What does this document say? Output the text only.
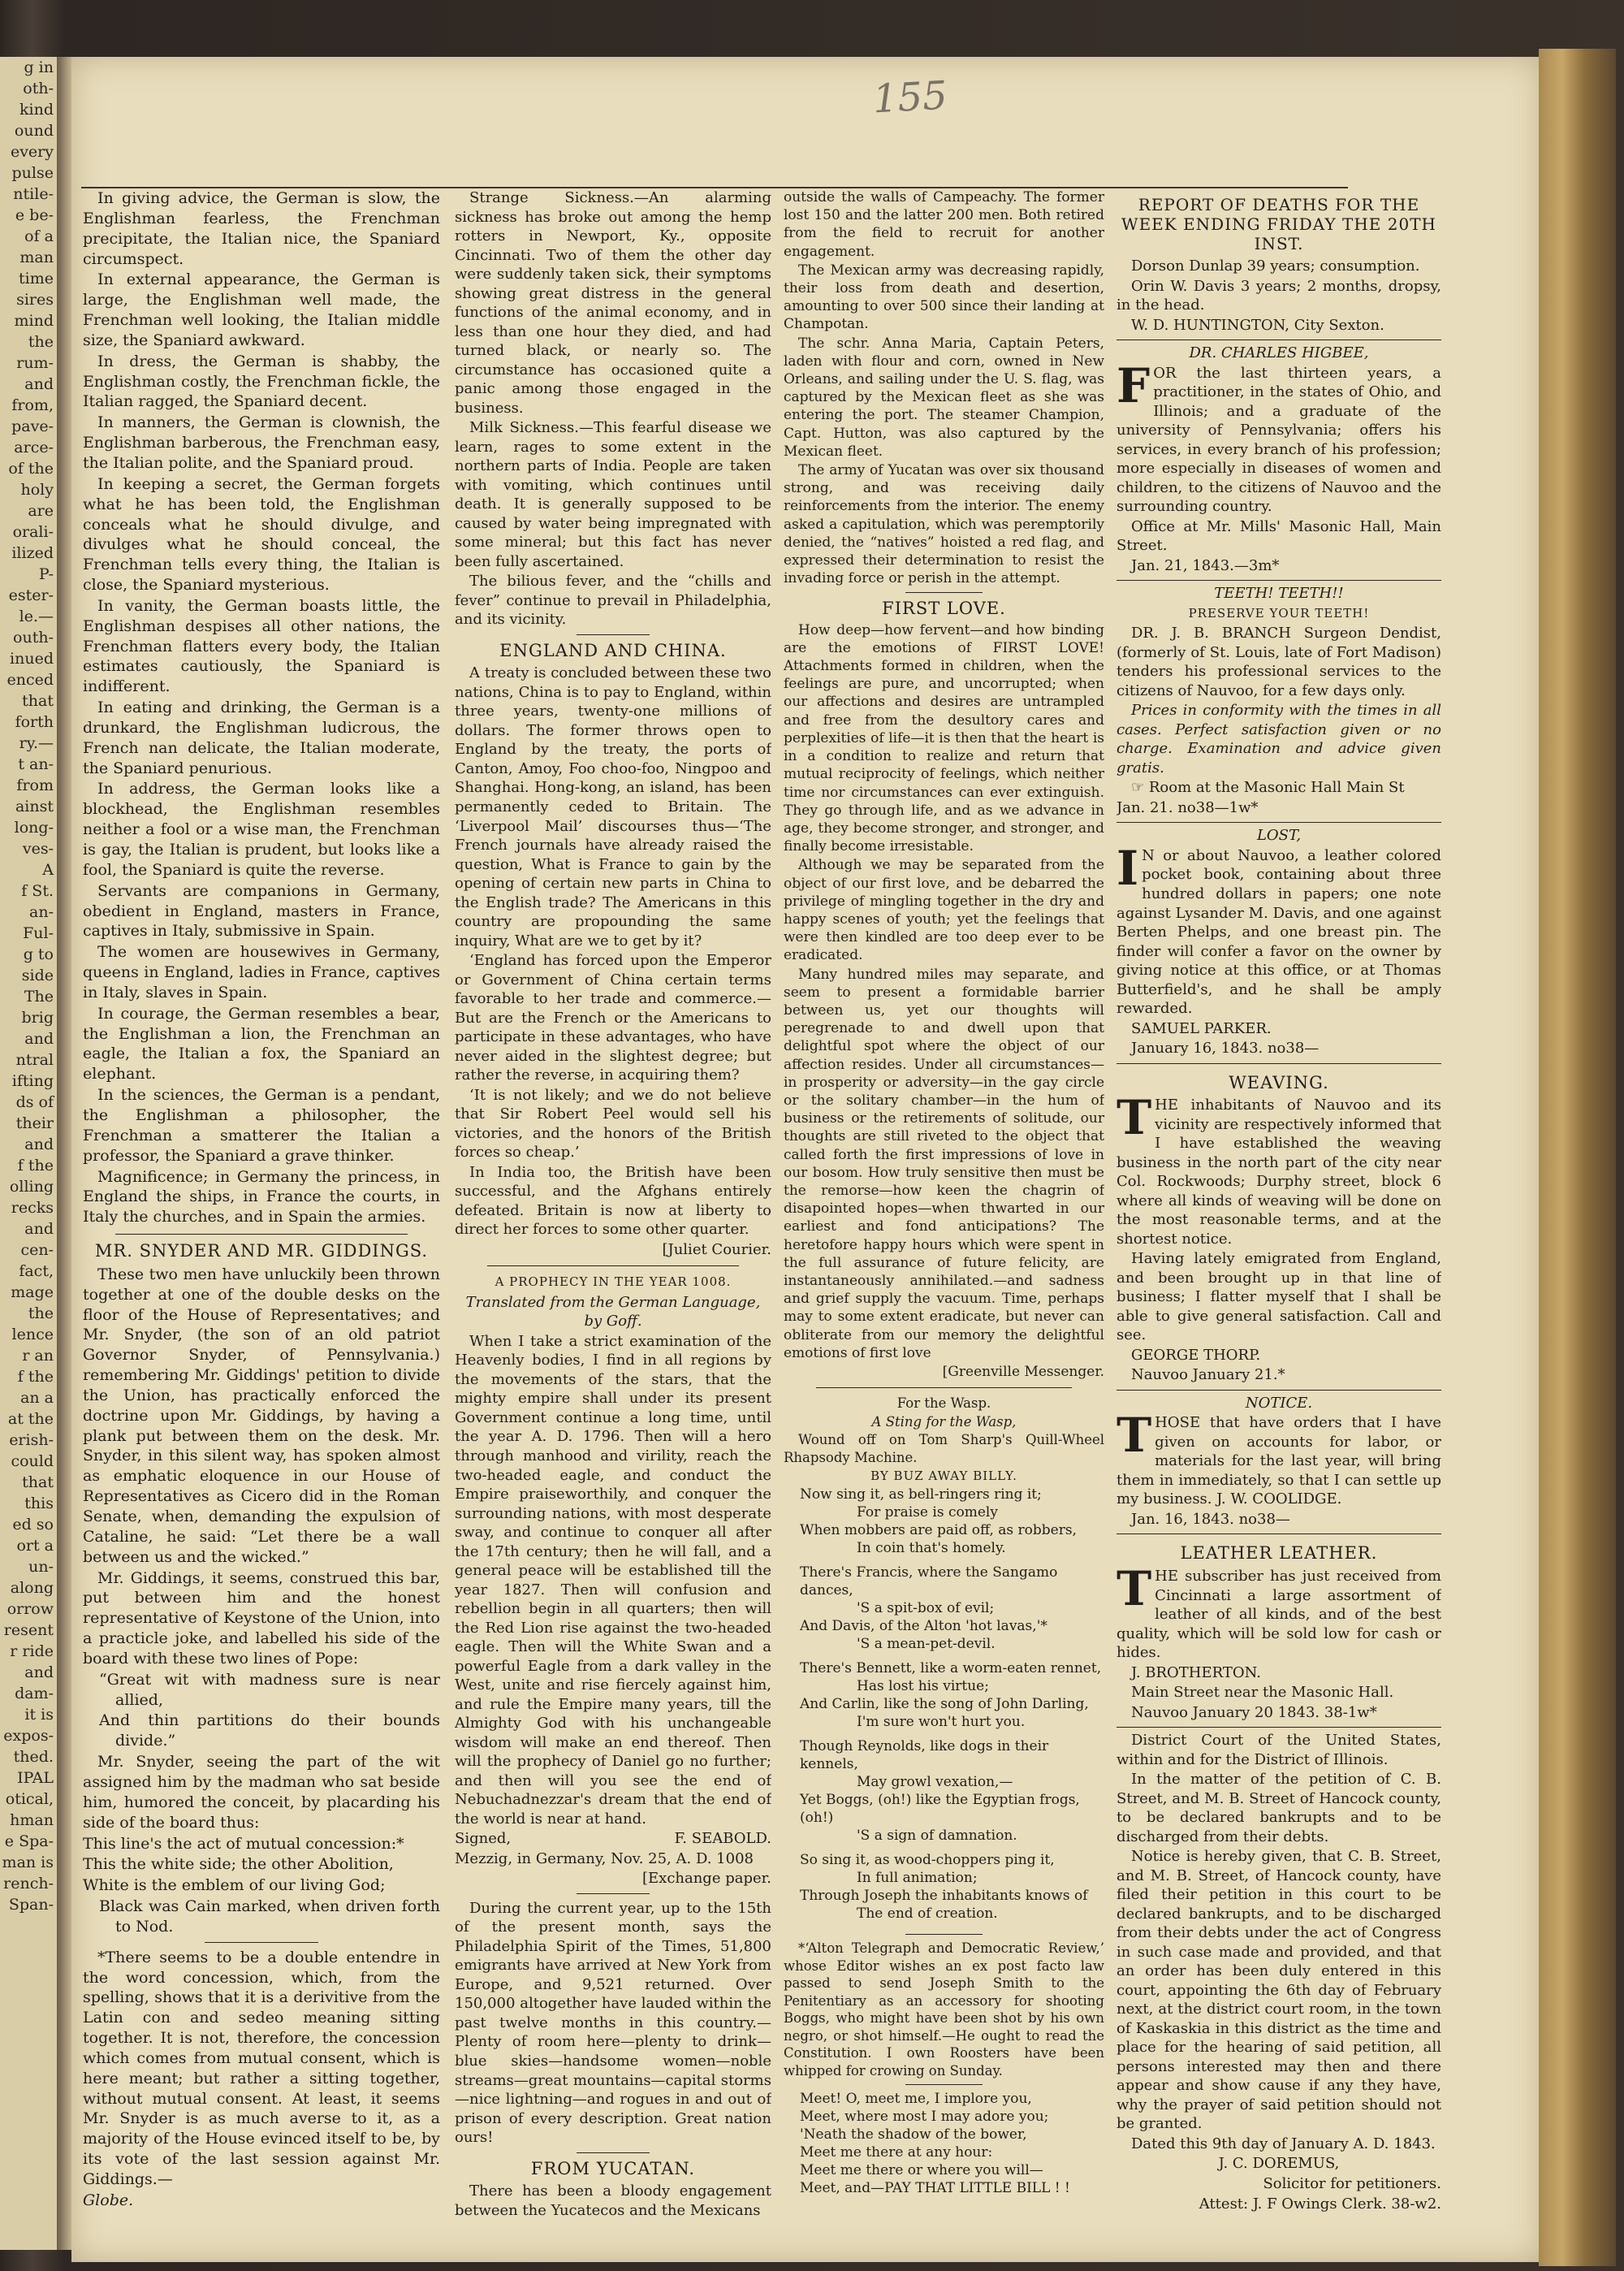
g in
oth-
kind
ound
every
pulse
ntile-
e be-
of a
man
time
sires
mind
the
rum-
and
from,
pave-
arce-
of the
holy
are
orali-
ilized
P-
ester-
le.—
outh-
inued
enced
that
forth
ry.—
t an-
from
ainst
long-
ves-
A
f St.
an-
Ful-
g to
side
The
brig
and
ntral
ifting
ds of
their
and
f the
olling
recks
and
cen-
fact,
mage
the
lence
r an
f the
an a
at the
erish-
could
that
this
ed so
ort a
un-
along
orrow
resent
r ride
and
dam-
it is
expos-
thed.
IPAL
otical,
hman
e Spa-
man is
rench-
Span-
155

In giving advice, the German is slow, the Englishman fearless, the Frenchman precipitate, the Italian nice, the Spaniard circumspect.

In external appearance, the German is large, the Englishman well made, the Frenchman well looking, the Italian middle size, the Spaniard awkward.

In dress, the German is shabby, the Englishman costly, the Frenchman fickle, the Italian ragged, the Spaniard decent.

In manners, the German is clownish, the Englishman barberous, the Frenchman easy, the Italian polite, and the Spaniard proud.

In keeping a secret, the German forgets what he has been told, the Englishman conceals what he should divulge, and divulges what he should conceal, the Frenchman tells every thing, the Italian is close, the Spaniard mysterious.

In vanity, the German boasts little, the Englishman despises all other nations, the Frenchman flatters every body, the Italian estimates cautiously, the Spaniard is indifferent.

In eating and drinking, the German is a drunkard, the Englishman ludicrous, the French nan delicate, the Italian moderate, the Spaniard penurious.

In address, the German looks like a blockhead, the Englishman resembles neither a fool or a wise man, the Frenchman is gay, the Italian is prudent, but looks like a fool, the Spaniard is quite the reverse.

Servants are companions in Germany, obedient in England, masters in France, captives in Italy, submissive in Spain.

The women are housewives in Germany, queens in England, ladies in France, captives in Italy, slaves in Spain.

In courage, the German resembles a bear, the Englishman a lion, the Frenchman an eagle, the Italian a fox, the Spaniard an elephant.

In the sciences, the German is a pendant, the Englishman a philosopher, the Frenchman a smatterer the Italian a professor, the Spaniard a grave thinker.

Magnificence; in Germany the princess, in England the ships, in France the courts, in Italy the churches, and in Spain the armies.

MR. SNYDER AND MR. GIDDINGS.

These two men have unluckily been thrown together at one of the double desks on the floor of the House of Representatives; and Mr. Snyder, (the son of an old patriot Governor Snyder, of Pennsylvania.) remembering Mr. Giddings' petition to divide the Union, has practically enforced the doctrine upon Mr. Giddings, by having a plank put between them on the desk. Mr. Snyder, in this silent way, has spoken almost as emphatic eloquence in our House of Representatives as Cicero did in the Roman Senate, when, demanding the expulsion of Cataline, he said: “Let there be a wall between us and the wicked.”

Mr. Giddings, it seems, construed this bar, put between him and the honest representative of Keystone of the Union, into a practicle joke, and labelled his side of the board with these two lines of Pope:

“Great wit with madness sure is near allied,

And thin partitions do their bounds divide.”

Mr. Snyder, seeing the part of the wit assigned him by the madman who sat beside him, humored the conceit, by placarding his side of the board thus:

This line's the act of mutual concession:*

This the white side; the other Abolition,

White is the emblem of our living God;

Black was Cain marked, when driven forth to Nod.

*There seems to be a double entendre in the word concession, which, from the spelling, shows that it is a derivitive from the Latin con and sedeo meaning sitting together. It is not, therefore, the concession which comes from mutual consent, which is here meant; but rather a sitting together, without mutual consent. At least, it seems Mr. Snyder is as much averse to it, as a majority of the House evinced itself to be, by its vote of the last session against Mr. Giddings.—

Globe.

Strange Sickness.—An alarming sickness has broke out among the hemp rotters in Newport, Ky., opposite Cincinnati. Two of them the other day were suddenly taken sick, their symptoms showing great distress in the general functions of the animal economy, and in less than one hour they died, and had turned black, or nearly so. The circumstance has occasioned quite a panic among those engaged in the business.

Milk Sickness.—This fearful disease we learn, rages to some extent in the northern parts of India. People are taken with vomiting, which continues until death. It is generally supposed to be caused by water being impregnated with some mineral; but this fact has never been fully ascertained.

The bilious fever, and the “chills and fever” continue to prevail in Philadelphia, and its vicinity.

ENGLAND AND CHINA.

A treaty is concluded between these two nations, China is to pay to England, within three years, twenty-one millions of dollars. The former throws open to England by the treaty, the ports of Canton, Amoy, Foo choo-foo, Ningpoo and Shanghai. Hong-kong, an island, has been permanently ceded to Britain. The ‘Liverpool Mail’ discourses thus—‘The French journals have already raised the question, What is France to gain by the opening of certain new parts in China to the English trade? The Americans in this country are propounding the same inquiry, What are we to get by it?

‘England has forced upon the Emperor or Government of China certain terms favorable to her trade and commerce.—But are the French or the Americans to participate in these advantages, who have never aided in the slightest degree; but rather the reverse, in acquiring them?

‘It is not likely; and we do not believe that Sir Robert Peel would sell his victories, and the honors of the British forces so cheap.’

In India too, the British have been successful, and the Afghans entirely defeated. Britain is now at liberty to direct her forces to some other quarter.

[Juliet Courier.

A PROPHECY IN THE YEAR 1008.

Translated from the German Language, by Goff.

When I take a strict examination of the Heavenly bodies, I find in all regions by the movements of the stars, that the mighty empire shall under its present Government continue a long time, until the year A. D. 1796. Then will a hero through manhood and virility, reach the two-headed eagle, and conduct the Empire praiseworthily, and conquer the surrounding nations, with most desperate sway, and continue to conquer all after the 17th century; then he will fall, and a general peace will be established till the year 1827. Then will confusion and rebellion begin in all quarters; then will the Red Lion rise against the two-headed eagle. Then will the White Swan and a powerful Eagle from a dark valley in the West, unite and rise fiercely against him, and rule the Empire many years, till the Almighty God with his unchangeable wisdom will make an end thereof. Then will the prophecy of Daniel go no further; and then will you see the end of Nebuchadnezzar's dream that the end of the world is near at hand.

Signed,	F. SEABOLD.

Mezzig, in Germany, Nov. 25, A. D. 1008

[Exchange paper.

During the current year, up to the 15th of the present month, says the Philadelphia Spirit of the Times, 51,800 emigrants have arrived at New York from Europe, and 9,521 returned. Over 150,000 altogether have lauded within the past twelve months in this country.—Plenty of room here—plenty to drink—blue skies—handsome women—noble streams—great mountains—capital storms—nice lightning—and rogues in and out of prison of every description. Great nation ours!

FROM YUCATAN.

There has been a bloody engagement between the Yucatecos and the Mexicans

outside the walls of Campeachy. The former lost 150 and the latter 200 men. Both retired from the field to recruit for another engagement.

The Mexican army was decreasing rapidly, their loss from death and desertion, amounting to over 500 since their landing at Champotan.

The schr. Anna Maria, Captain Peters, laden with flour and corn, owned in New Orleans, and sailing under the U. S. flag, was captured by the Mexican fleet as she was entering the port. The steamer Champion, Capt. Hutton, was also captured by the Mexican fleet.

The army of Yucatan was over six thousand strong, and was receiving daily reinforcements from the interior. The enemy asked a capitulation, which was peremptorily denied, the “natives” hoisted a red flag, and expressed their determination to resist the invading force or perish in the attempt.

FIRST LOVE.

How deep—how fervent—and how binding are the emotions of FIRST LOVE! Attachments formed in children, when the feelings are pure, and uncorrupted; when our affections and desires are untrampled and free from the desultory cares and perplexities of life—it is then that the heart is in a condition to realize and return that mutual reciprocity of feelings, which neither time nor circumstances can ever extinguish. They go through life, and as we advance in age, they become stronger, and stronger, and finally become irresistable.

Although we may be separated from the object of our first love, and be debarred the privilege of mingling together in the dry and happy scenes of youth; yet the feelings that were then kindled are too deep ever to be eradicated.

Many hundred miles may separate, and seem to present a formidable barrier between us, yet our thoughts will peregrenade to and dwell upon that delightful spot where the object of our affection resides. Under all circumstances—in prosperity or adversity—in the gay circle or the solitary chamber—in the hum of business or the retirements of solitude, our thoughts are still riveted to the object that called forth the first impressions of love in our bosom. How truly sensitive then must be the remorse—how keen the chagrin of disapointed hopes—when thwarted in our earliest and fond anticipations? The heretofore happy hours which were spent in the full assurance of future felicity, are instantaneously annihilated.—and sadness and grief supply the vacuum. Time, perhaps may to some extent eradicate, but never can obliterate from our memory the delightful emotions of first love

[Greenville Messenger.

For the Wasp.

A Sting for the Wasp,

Wound off on Tom Sharp's Quill-Wheel Rhapsody Machine.

BY BUZ AWAY BILLY.

Now sing it, as bell-ringers ring it;
For praise is comely
When mobbers are paid off, as robbers,
In coin that's homely.
There's Francis, where the Sangamo dances,
'S a spit-box of evil;
And Davis, of the Alton 'hot lavas,'*
'S a mean-pet-devil.
There's Bennett, like a worm-eaten rennet,
Has lost his virtue;
And Carlin, like the song of John Darling,
I'm sure won't hurt you.
Though Reynolds, like dogs in their kennels,
May growl vexation,—
Yet Boggs, (oh!) like the Egyptian frogs, (oh!)
'S a sign of damnation.
So sing it, as wood-choppers ping it,
In full animation;
Through Joseph the inhabitants knows of
The end of creation.

*‘Alton Telegraph and Democratic Review,’ whose Editor wishes an ex post facto law passed to send Joseph Smith to the Penitentiary as an accessory for shooting Boggs, who might have been shot by his own negro, or shot himself.—He ought to read the Constitution. I own Roosters have been whipped for crowing on Sunday.

Meet! O, meet me, I implore you,
Meet, where most I may adore you;
'Neath the shadow of the bower,
Meet me there at any hour:
Meet me there or where you will—
Meet, and—PAY THAT LITTLE BILL ! !

REPORT OF DEATHS FOR THE WEEK ENDING FRIDAY THE 20TH INST.

Dorson Dunlap 39 years; consumption.

Orin W. Davis 3 years; 2 months, dropsy, in the head.

W. D. HUNTINGTON, City Sexton.

DR. CHARLES HIGBEE,

FOR the last thirteen years, a practitioner, in the states of Ohio, and Illinois; and a graduate of the university of Pennsylvania; offers his services, in every branch of his profession; more especially in diseases of women and children, to the citizens of Nauvoo and the surrounding country.

Office at Mr. Mills' Masonic Hall, Main Street.

Jan. 21, 1843.—3m*

TEETH! TEETH!!

PRESERVE YOUR TEETH!

DR. J. B. BRANCH Surgeon Dendist, (formerly of St. Louis, late of Fort Madison) tenders his professional services to the citizens of Nauvoo, for a few days only.

Prices in conformity with the times in all cases. Perfect satisfaction given or no charge. Examination and advice given gratis.

☞ Room at the Masonic Hall Main St

Jan. 21. no38—1w*

LOST,

I N or about Nauvoo, a leather colored pocket book, containing about three hundred dollars in papers; one note against Lysander M. Davis, and one against Berten Phelps, and one breast pin. The finder will confer a favor on the owner by giving notice at this office, or at Thomas Butterfield's, and he shall be amply rewarded.

SAMUEL PARKER.

January 16, 1843. no38—

WEAVING.

THE inhabitants of Nauvoo and its vicinity are respectively informed that I have established the weaving business in the north part of the city near Col. Rockwoods; Durphy street, block 6 where all kinds of weaving will be done on the most reasonable terms, and at the shortest notice.

Having lately emigrated from England, and been brought up in that line of business; I flatter myself that I shall be able to give general satisfaction. Call and see.

GEORGE THORP.

Nauvoo January 21.*

NOTICE.

THOSE that have orders that I have given on accounts for labor, or materials for the last year, will bring them in immediately, so that I can settle up my business. J. W. COOLIDGE.

Jan. 16, 1843. no38—

LEATHER LEATHER.

THE subscriber has just received from Cincinnati a large assortment of leather of all kinds, and of the best quality, which will be sold low for cash or hides.

J. BROTHERTON.

Main Street near the Masonic Hall.

Nauvoo January 20 1843. 38-1w*

District Court of the United States, within and for the District of Illinois.

In the matter of the petition of C. B. Street, and M. B. Street of Hancock county, to be declared bankrupts and to be discharged from their debts.

Notice is hereby given, that C. B. Street, and M. B. Street, of Hancock county, have filed their petition in this court to be declared bankrupts, and to be discharged from their debts under the act of Congress in such case made and provided, and that an order has been duly entered in this court, appointing the 6th day of February next, at the district court room, in the town of Kaskaskia in this district as the time and place for the hearing of said petition, all persons interested may then and there appear and show cause if any they have, why the prayer of said petition should not be granted.

Dated this 9th day of January A. D. 1843.

J. C. DOREMUS,

Solicitor for petitioners.

Attest: J. F Owings Clerk. 38-w2.
